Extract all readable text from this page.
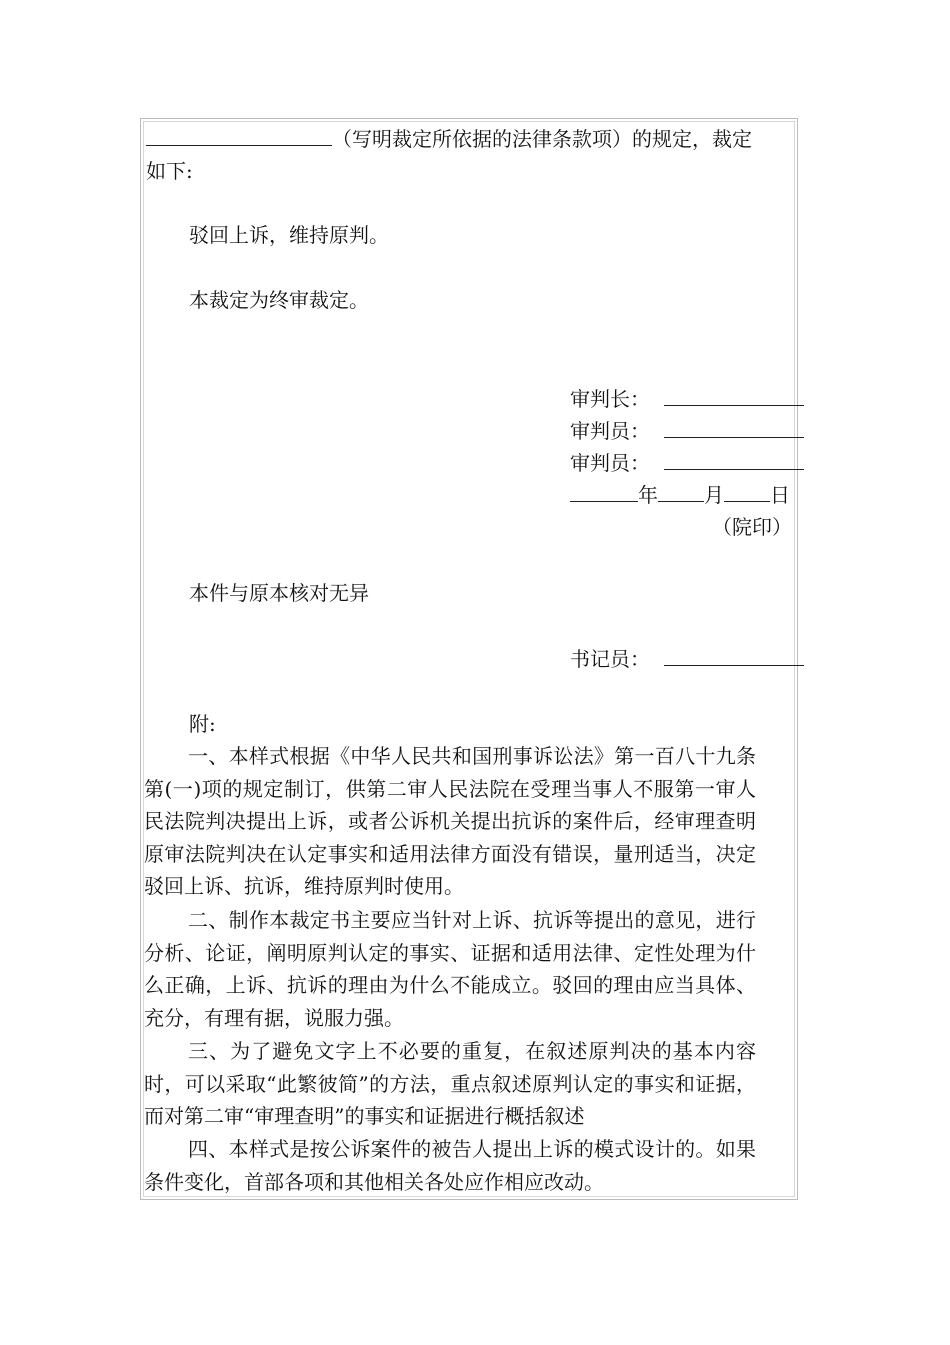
（写明裁定所依据的法律条款项）的规定，裁定
如下:
驳回上诉，维持原判。
本裁定为终审裁定。
审判长：
审判员：
审判员：
年 月 日
（院印）
本件与原本核对无异
书记员：
附:
一、本样式根据《中华人民共和国刑事诉讼法》第一百八十九条第(一)项的规定制订，供第二审人民法院在受理当事人不服第一审人民法院判决提出上诉，或者公诉机关提出抗诉的案件后，经审理查明原审法院判决在认定事实和适用法律方面没有错误，量刑适当，决定驳回上诉、抗诉，维持原判时使用。
二、制作本裁定书主要应当针对上诉、抗诉等提出的意见，进行分析、论证，阐明原判认定的事实、证据和适用法律、定性处理为什么正确，上诉、抗诉的理由为什么不能成立。驳回的理由应当具体、充分，有理有据，说服力强。
三、为了避免文字上不必要的重复，在叙述原判决的基本内容时，可以采取“此繁彼简”的方法，重点叙述原判认定的事实和证据，而对第二审“审理查明”的事实和证据进行概括叙述
四、本样式是按公诉案件的被告人提出上诉的模式设计的。如果条件变化，首部各项和其他相关各处应作相应改动。
